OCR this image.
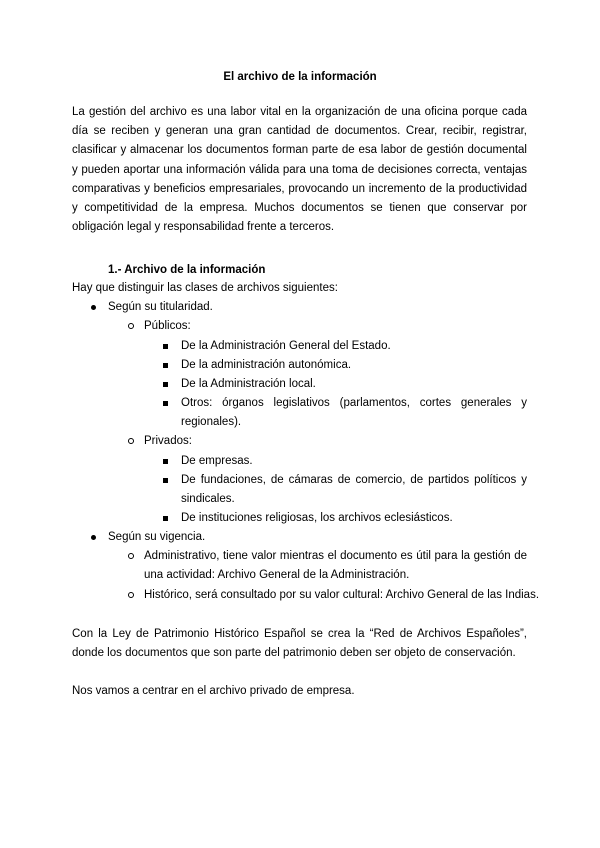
El archivo de la información
La gestión del archivo es una labor vital en la organización de una oficina porque cada día se reciben y generan una gran cantidad de documentos. Crear, recibir, registrar, clasificar y almacenar los documentos forman parte de esa labor de gestión documental y pueden aportar una información válida para una toma de decisiones correcta, ventajas comparativas y beneficios empresariales, provocando un incremento de la productividad y competitividad de la empresa. Muchos documentos se tienen que conservar por obligación legal y responsabilidad frente a terceros.
1.- Archivo de la información
Hay que distinguir las clases de archivos siguientes:
Según su titularidad.
Públicos:
De la Administración General del Estado.
De la administración autonómica.
De la Administración local.
Otros: órganos legislativos (parlamentos, cortes generales y regionales).
Privados:
De empresas.
De fundaciones, de cámaras de comercio, de partidos políticos y sindicales.
De instituciones religiosas, los archivos eclesiásticos.
Según su vigencia.
Administrativo, tiene valor mientras el documento es útil para la gestión de una actividad: Archivo General de la Administración.
Histórico, será consultado por su valor cultural: Archivo General de las Indias.
Con la Ley de Patrimonio Histórico Español se crea la “Red de Archivos Españoles”, donde los documentos que son parte del patrimonio deben ser objeto de conservación.
Nos vamos a centrar en el archivo privado de empresa.
